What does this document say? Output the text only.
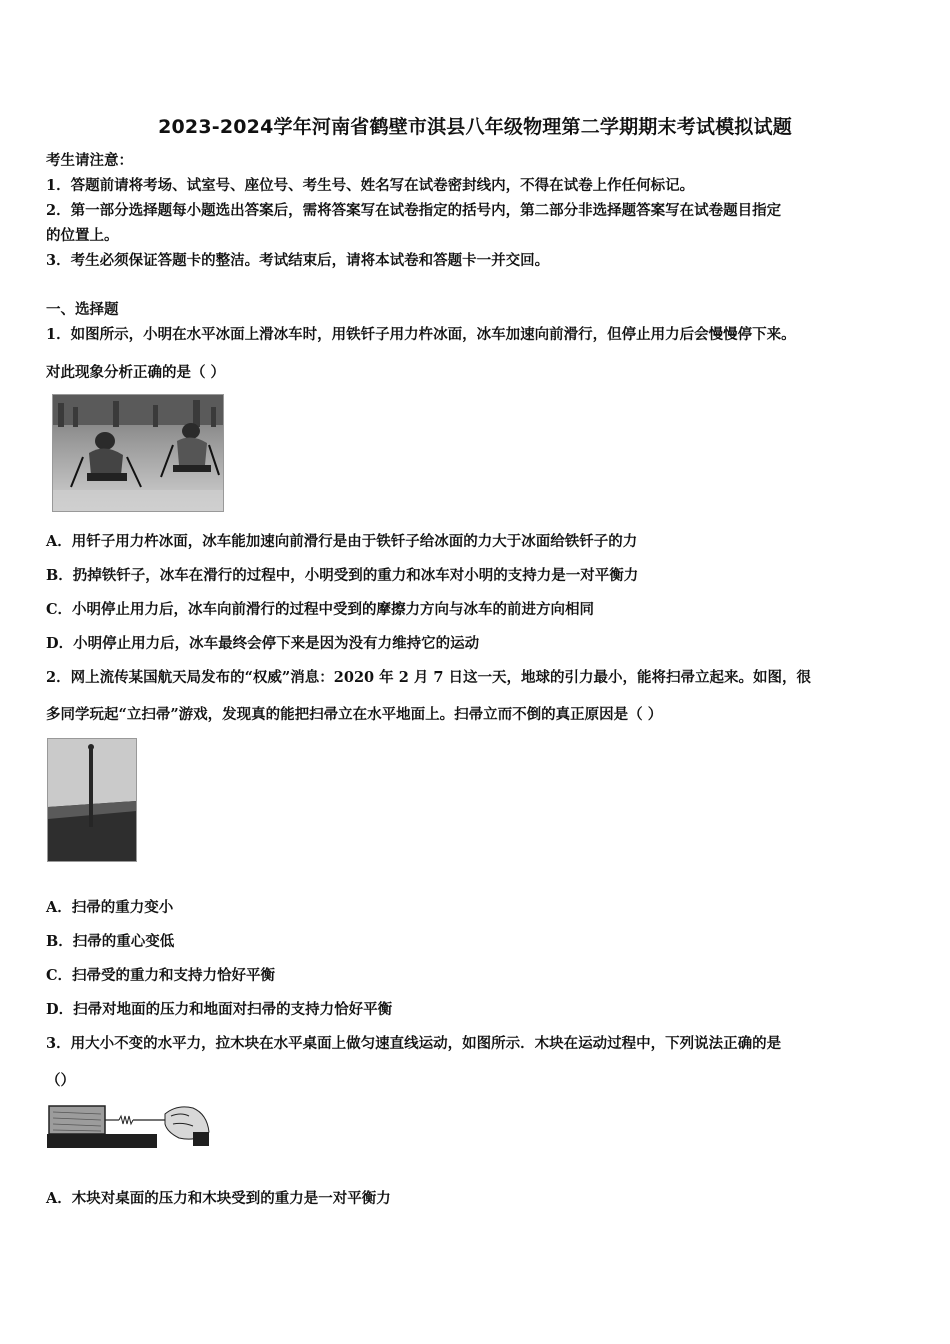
2023-2024学年河南省鹤壁市淇县八年级物理第二学期期末考试模拟试题
考生请注意：
1．答题前请将考场、试室号、座位号、考生号、姓名写在试卷密封线内，不得在试卷上作任何标记。
2．第一部分选择题每小题选出答案后，需将答案写在试卷指定的括号内，第二部分非选择题答案写在试卷题目指定
的位置上。
3．考生必须保证答题卡的整洁。考试结束后，请将本试卷和答题卡一并交回。
一、选择题
1．如图所示，小明在水平冰面上滑冰车时，用铁钎子用力杵冰面，冰车加速向前滑行，但停止用力后会慢慢停下来。
对此现象分析正确的是（ ）
A．用钎子用力杵冰面，冰车能加速向前滑行是由于铁钎子给冰面的力大于冰面给铁钎子的力
B．扔掉铁钎子，冰车在滑行的过程中，小明受到的重力和冰车对小明的支持力是一对平衡力
C．小明停止用力后，冰车向前滑行的过程中受到的摩擦力方向与冰车的前进方向相同
D．小明停止用力后，冰车最终会停下来是因为没有力维持它的运动
2．网上流传某国航天局发布的“权威”消息：2020 年 2 月 7 日这一天，地球的引力最小，能将扫帚立起来。如图，很
多同学玩起“立扫帚”游戏，发现真的能把扫帚立在水平地面上。扫帚立而不倒的真正原因是（ ）
A．扫帚的重力变小
B．扫帚的重心变低
C．扫帚受的重力和支持力恰好平衡
D．扫帚对地面的压力和地面对扫帚的支持力恰好平衡
3．用大小不变的水平力，拉木块在水平桌面上做匀速直线运动，如图所示．木块在运动过程中，下列说法正确的是
（）
A．木块对桌面的压力和木块受到的重力是一对平衡力
